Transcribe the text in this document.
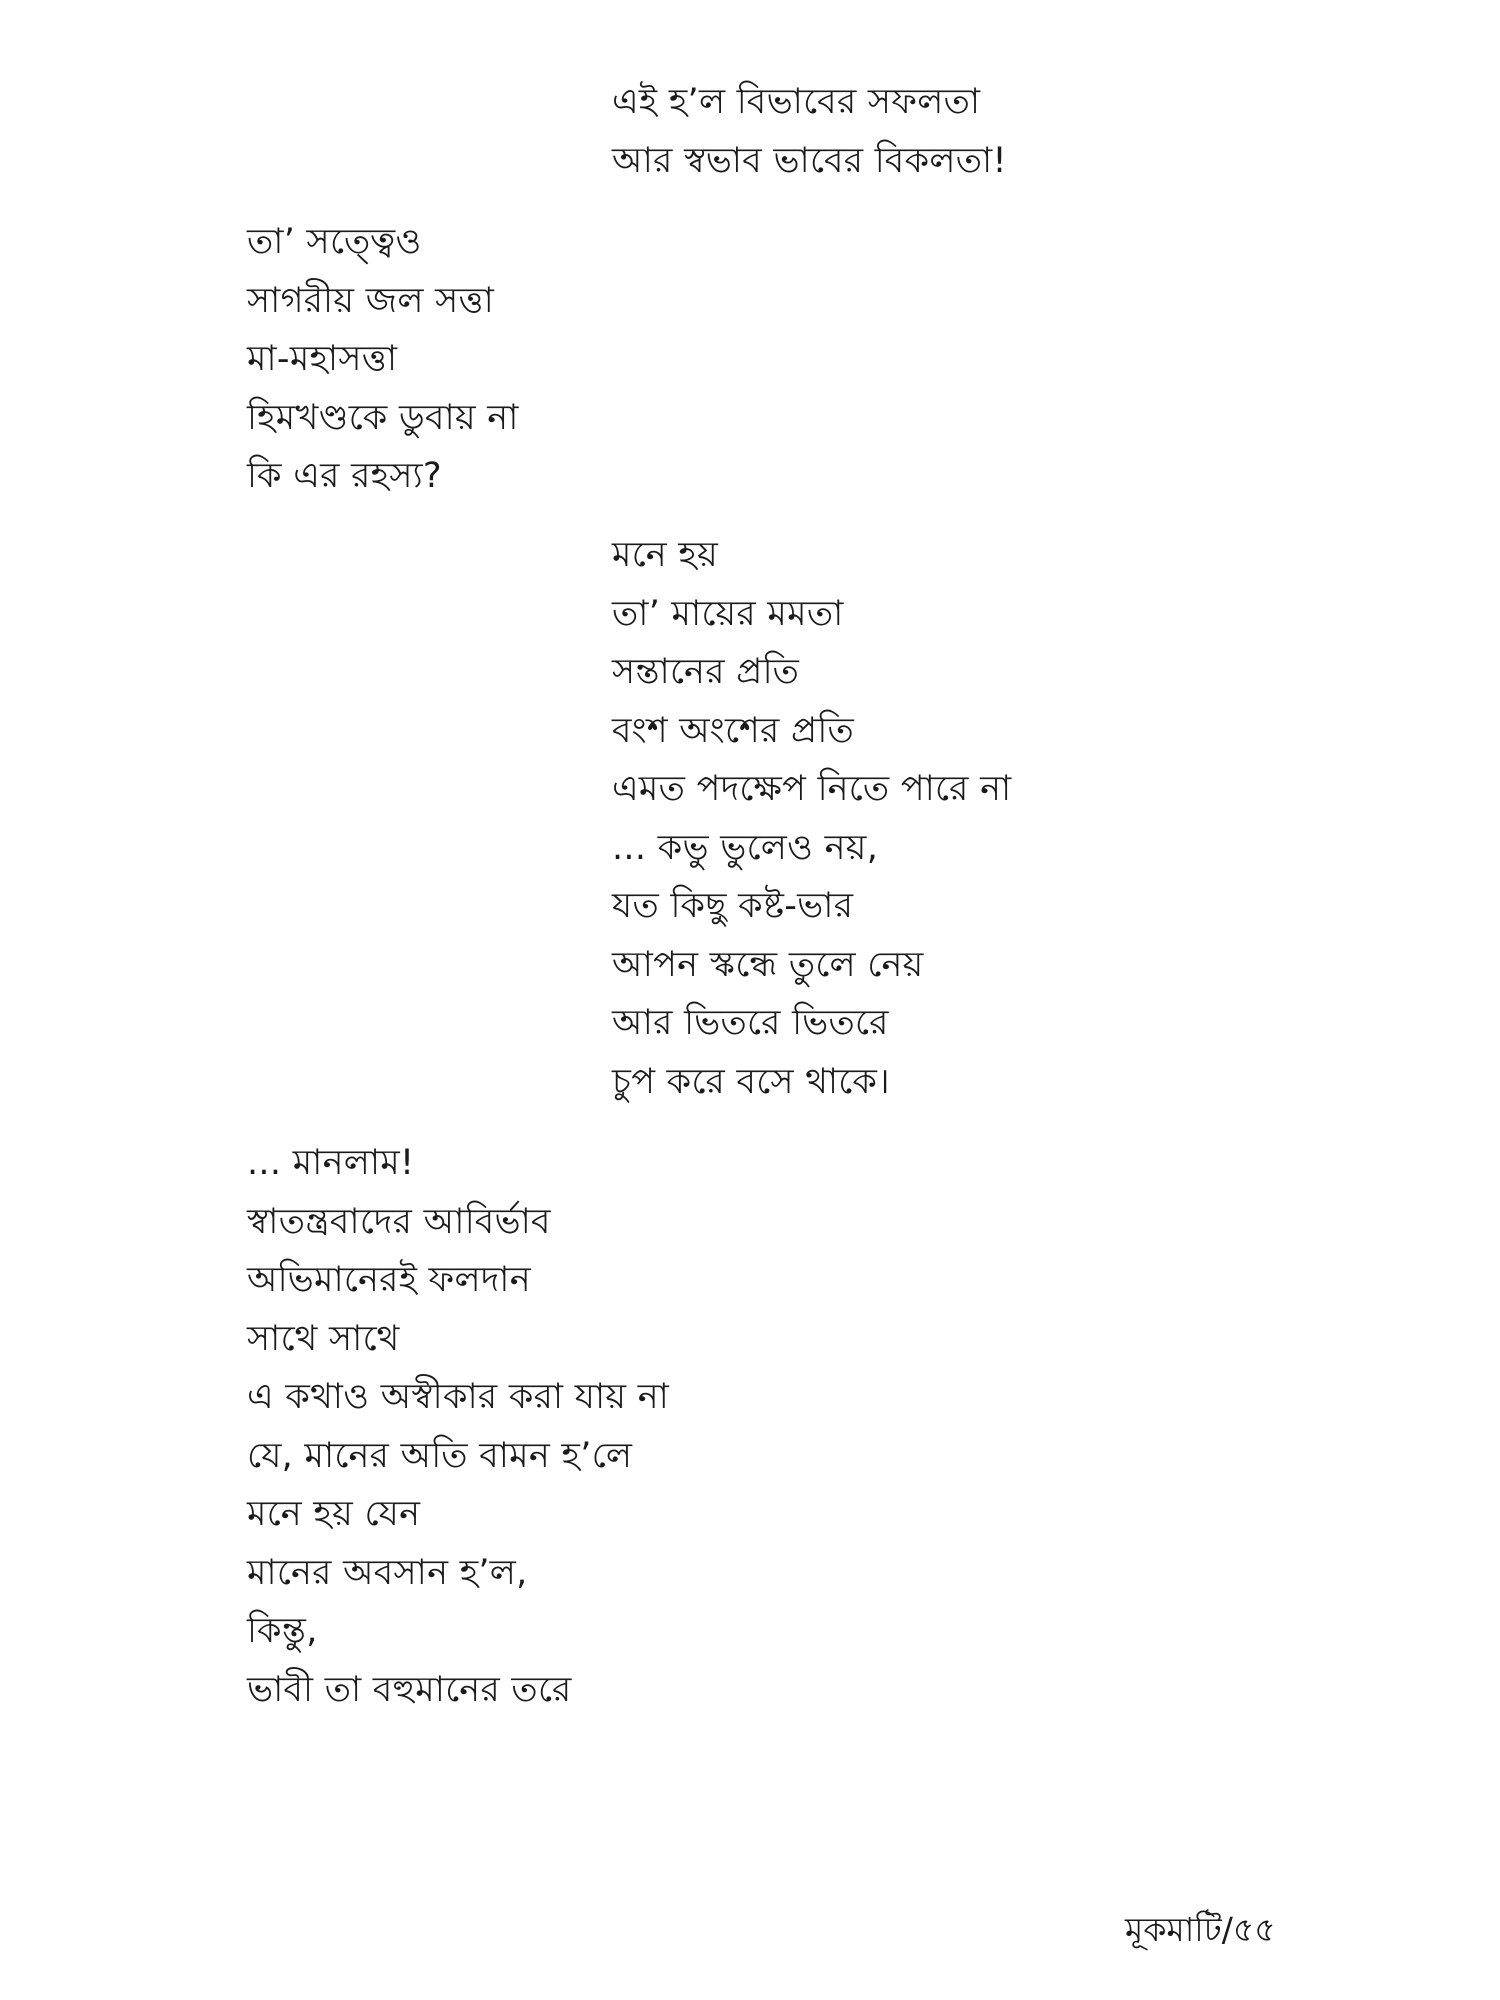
এই হ’ল বিভাবের সফলতা
আর স্বভাব ভাবের বিকলতা!
তা’ সত্ত্বেও
সাগরীয় জল সত্তা
মা-মহাসত্তা
হিমখণ্ডকে ডুবায় না
কি এর রহস্য?
মনে হয়
তা’ মায়ের মমতা
সন্তানের প্রতি
বংশ অংশের প্রতি
এমত পদক্ষেপ নিতে পারে না
... কভু ভুলেও নয়,
যত কিছু কষ্ট-ভার
আপন স্কন্ধে তুলে নেয়
আর ভিতরে ভিতরে
চুপ করে বসে থাকে।
... মানলাম!
স্বাতন্ত্রবাদের আবির্ভাব
অভিমানেরই ফলদান
সাথে সাথে
এ কথাও অস্বীকার করা যায় না
যে, মানের অতি বামন হ’লে
মনে হয় যেন
মানের অবসান হ’ল,
কিন্তু,
ভাবী তা বহুমানের তরে
মূকমাটি/৫৫
